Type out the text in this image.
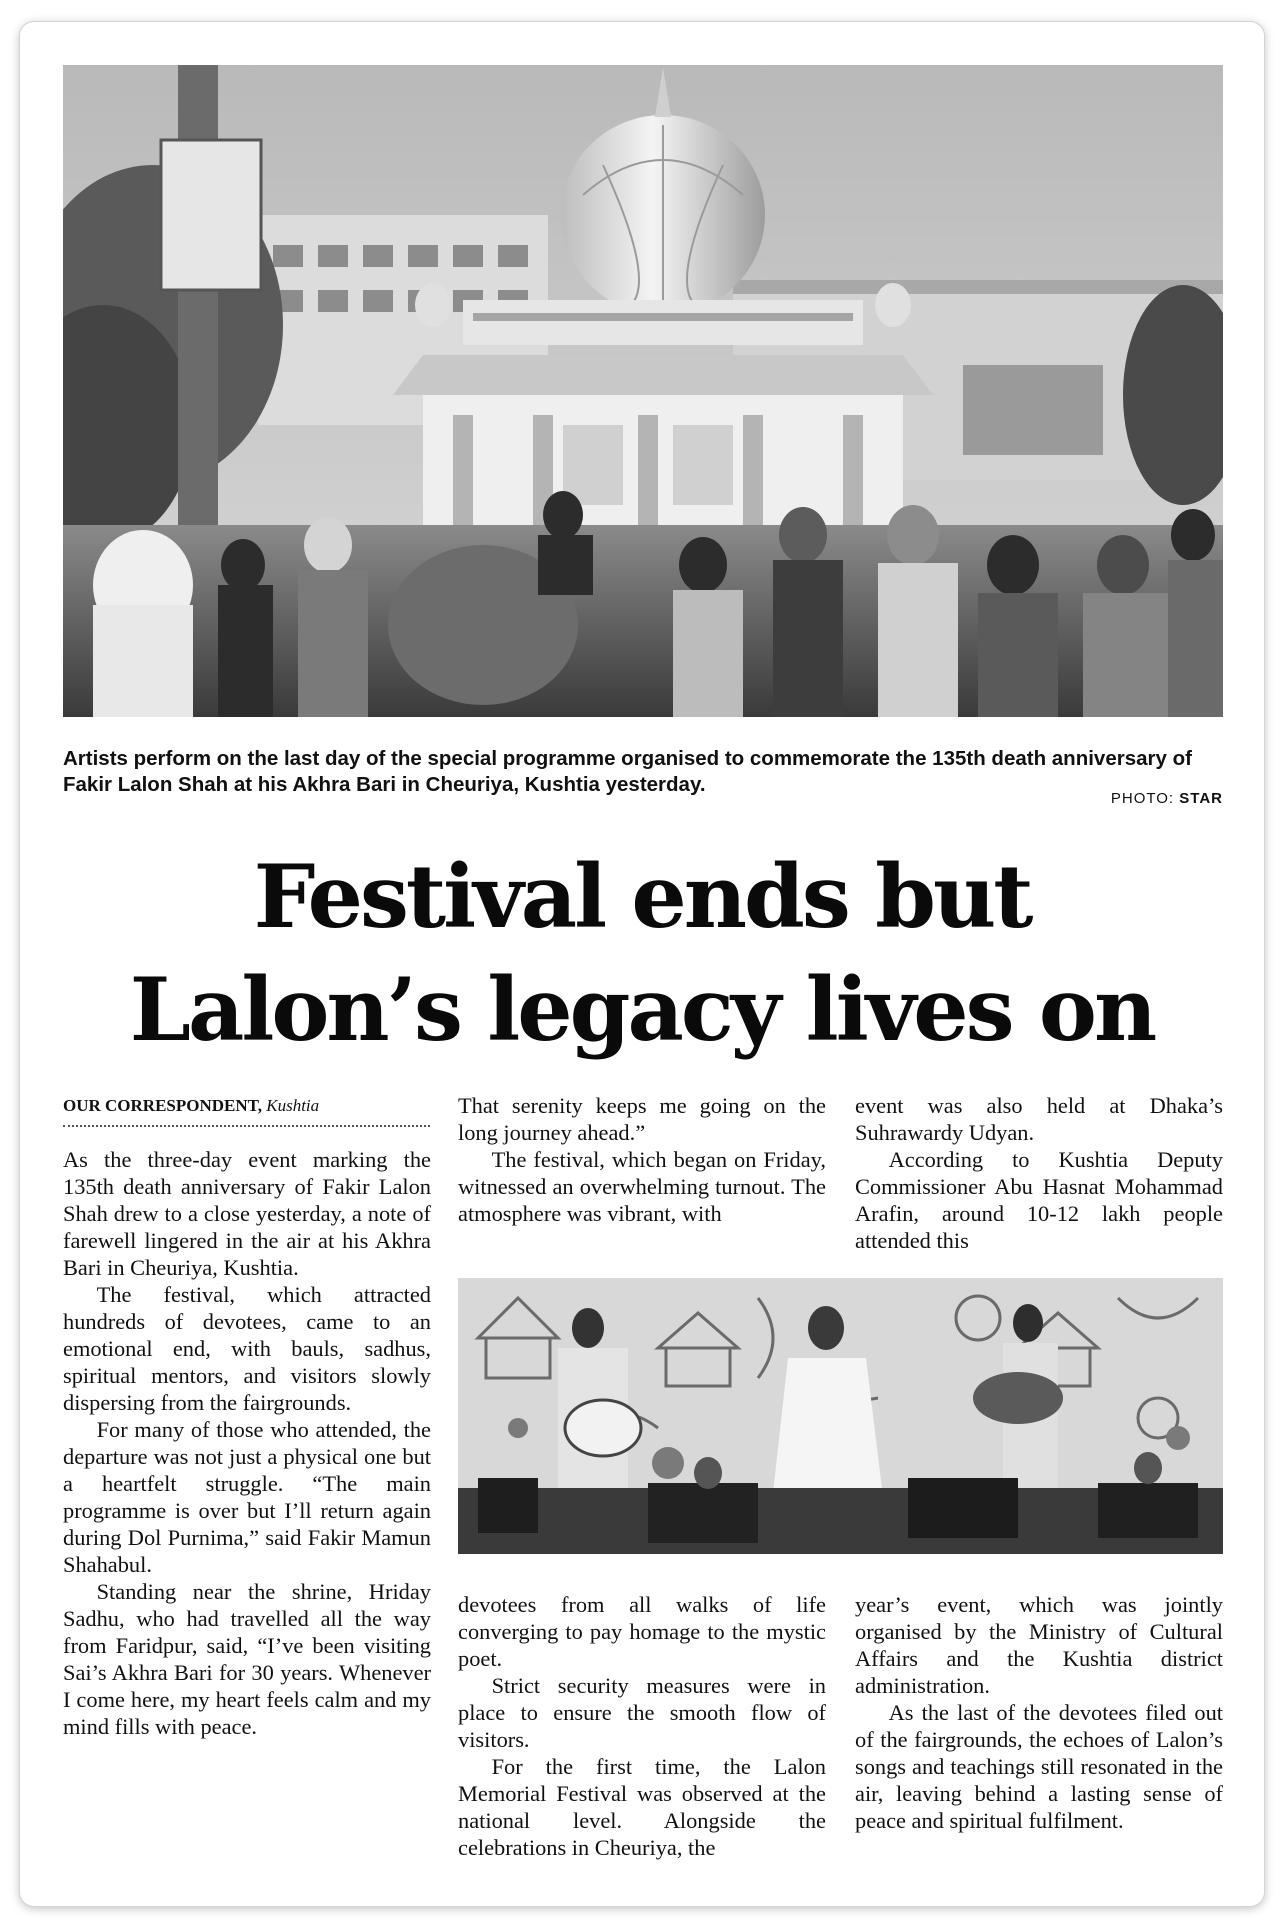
Artists perform on the last day of the special programme organised to commemorate the 135th death anniversary of Fakir Lalon Shah at his Akhra Bari in Cheuriya, Kushtia yesterday.
PHOTO: STAR
Festival ends but
Lalon’s legacy lives on
OUR CORRESPONDENT, Kushtia

As the three-day event marking the 135th death anniversary of Fakir Lalon Shah drew to a close yesterday, a note of farewell lingered in the air at his Akhra Bari in Cheuriya, Kushtia.

The festival, which attracted hundreds of devotees, came to an emotional end, with bauls, sadhus, spiritual mentors, and visitors slowly dispersing from the fairgrounds.

For many of those who attended, the departure was not just a physical one but a heartfelt struggle. “The main programme is over but I’ll return again during Dol Purnima,” said Fakir Mamun Shahabul.

Standing near the shrine, Hriday Sadhu, who had travelled all the way from Faridpur, said, “I’ve been visiting Sai’s Akhra Bari for 30 years. Whenever I come here, my heart feels calm and my mind fills with peace.

That serenity keeps me going on the long journey ahead.”

The festival, which began on Friday, witnessed an overwhelming turnout. The atmosphere was vibrant, with

event was also held at Dhaka’s Suhrawardy Udyan.

According to Kushtia Deputy Commissioner Abu Hasnat Mohammad Arafin, around 10-12 lakh people attended this

devotees from all walks of life converging to pay homage to the mystic poet.

Strict security measures were in place to ensure the smooth flow of visitors.

For the first time, the Lalon Memorial Festival was observed at the national level. Alongside the celebrations in Cheuriya, the

year’s event, which was jointly organised by the Ministry of Cultural Affairs and the Kushtia district administration.

As the last of the devotees filed out of the fairgrounds, the echoes of Lalon’s songs and teachings still resonated in the air, leaving behind a lasting sense of peace and spiritual fulfilment.
